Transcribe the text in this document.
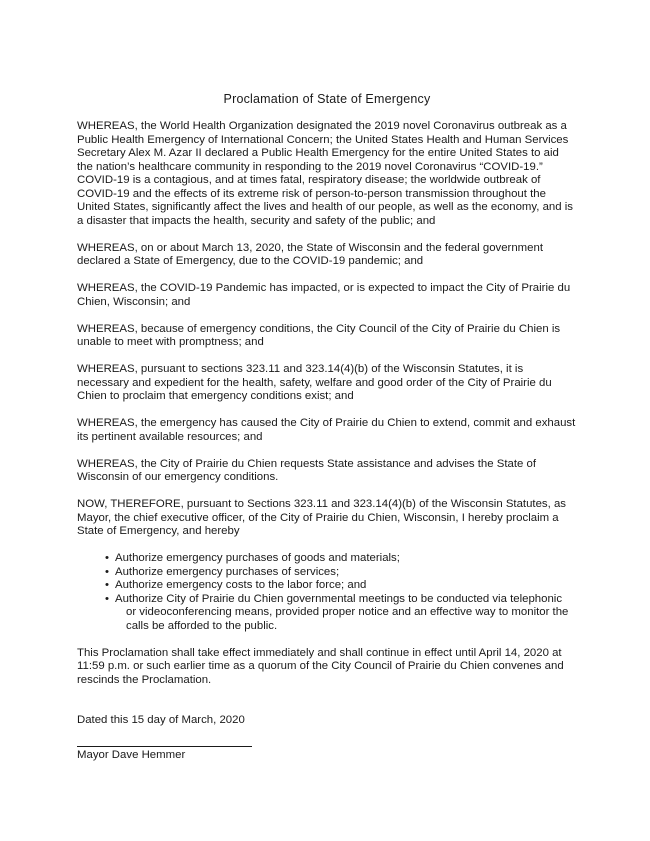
Proclamation of State of Emergency

WHEREAS, the World Health Organization designated the 2019 novel Coronavirus outbreak as a Public Health Emergency of International Concern; the United States Health and Human Services Secretary Alex M. Azar II declared a Public Health Emergency for the entire United States to aid the nation’s healthcare community in responding to the 2019 novel Coronavirus “COVID-19.” COVID-19 is a contagious, and at times fatal, respiratory disease; the worldwide outbreak of COVID-19 and the effects of its extreme risk of person-to-person transmission throughout the United States, significantly affect the lives and health of our people, as well as the economy, and is a disaster that impacts the health, security and safety of the public; and

WHEREAS, on or about March 13, 2020, the State of Wisconsin and the federal government declared a State of Emergency, due to the COVID-19 pandemic; and

WHEREAS, the COVID-19 Pandemic has impacted, or is expected to impact the City of Prairie du Chien, Wisconsin; and

WHEREAS, because of emergency conditions, the City Council of the City of Prairie du Chien is unable to meet with promptness; and

WHEREAS, pursuant to sections 323.11 and 323.14(4)(b) of the Wisconsin Statutes, it is necessary and expedient for the health, safety, welfare and good order of the City of Prairie du Chien to proclaim that emergency conditions exist; and

WHEREAS, the emergency has caused the City of Prairie du Chien to extend, commit and exhaust its pertinent available resources; and

WHEREAS, the City of Prairie du Chien requests State assistance and advises the State of Wisconsin of our emergency conditions.

NOW, THEREFORE, pursuant to Sections 323.11 and 323.14(4)(b) of the Wisconsin Statutes, as Mayor, the chief executive officer, of the City of Prairie du Chien, Wisconsin, I hereby proclaim a State of Emergency, and hereby

• Authorize emergency purchases of goods and materials;
• Authorize emergency purchases of services;
• Authorize emergency costs to the labor force; and
• Authorize City of Prairie du Chien governmental meetings to be conducted via telephonic
or videoconferencing means, provided proper notice and an effective way to monitor the calls be afforded to the public.

This Proclamation shall take effect immediately and shall continue in effect until April 14, 2020 at 11:59 p.m. or such earlier time as a quorum of the City Council of Prairie du Chien convenes and rescinds the Proclamation.

Dated this 15 day of March, 2020
Mayor Dave Hemmer
